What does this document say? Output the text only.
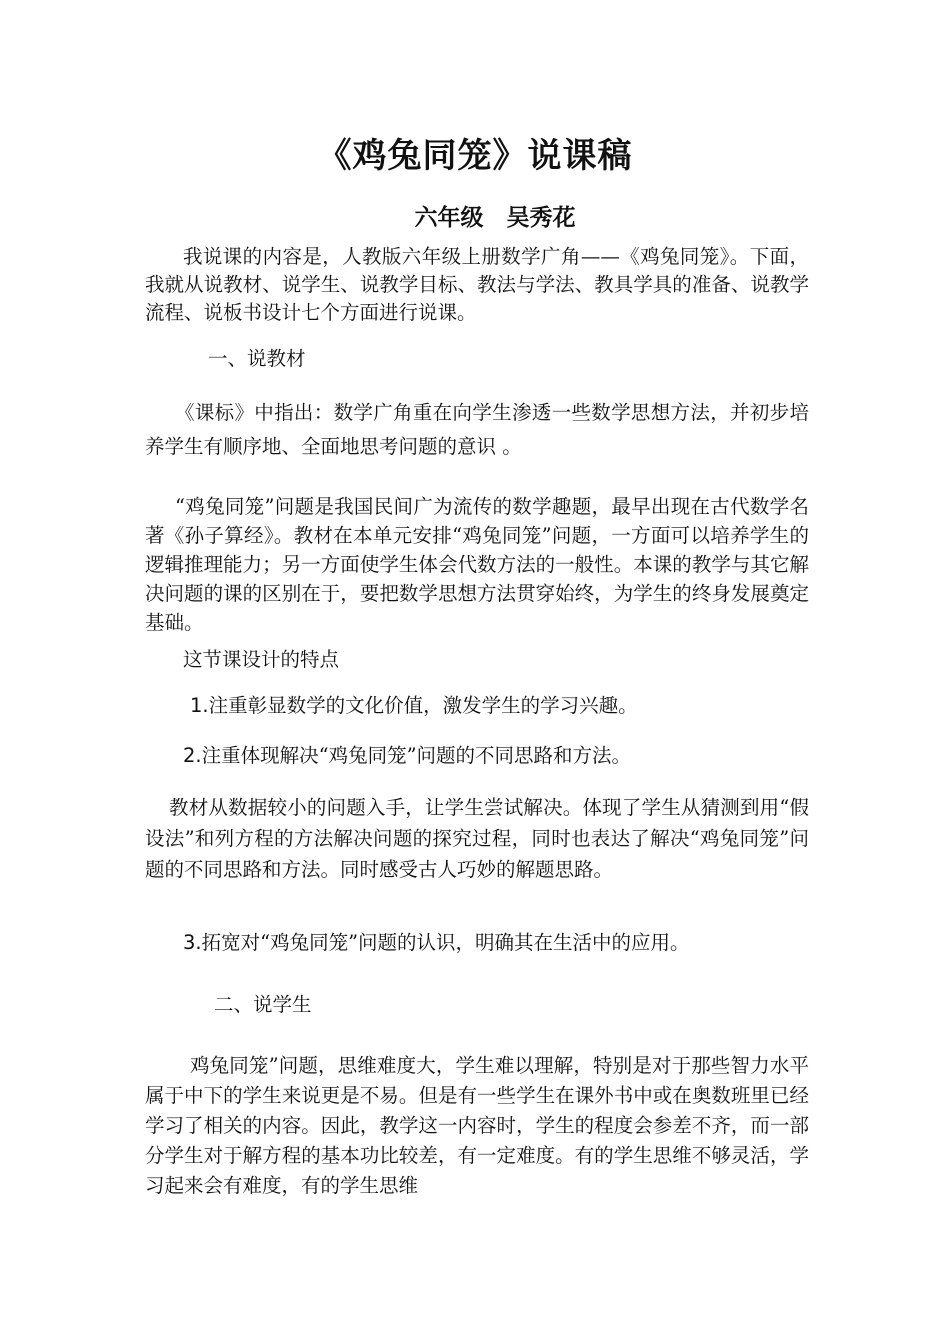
《鸡兔同笼》说课稿
六年级　吴秀花

我说课的内容是，人教版六年级上册数学广角——《鸡兔同笼》。下面，我就从说教材、说学生、说教学目标、教法与学法、教具学具的准备、说教学流程、说板书设计七个方面进行说课。

一、说教材

《课标》中指出：数学广角重在向学生渗透一些数学思想方法，并初步培养学生有顺序地、全面地思考问题的意识 。

“鸡兔同笼”问题是我国民间广为流传的数学趣题，最早出现在古代数学名著《孙子算经》。教材在本单元安排“鸡兔同笼”问题，一方面可以培养学生的逻辑推理能力；另一方面使学生体会代数方法的一般性。本课的教学与其它解决问题的课的区别在于，要把数学思想方法贯穿始终，为学生的终身发展奠定基础。

这节课设计的特点

1.注重彰显数学的文化价值，激发学生的学习兴趣。

2.注重体现解决“鸡兔同笼”问题的不同思路和方法。

教材从数据较小的问题入手，让学生尝试解决。体现了学生从猜测到用“假设法”和列方程的方法解决问题的探究过程，同时也表达了解决“鸡兔同笼”问题的不同思路和方法。同时感受古人巧妙的解题思路。

3.拓宽对“鸡兔同笼”问题的认识，明确其在生活中的应用。

二、说学生

鸡兔同笼”问题，思维难度大，学生难以理解，特别是对于那些智力水平属于中下的学生来说更是不易。但是有一些学生在课外书中或在奥数班里已经学习了相关的内容。因此，教学这一内容时，学生的程度会参差不齐，而一部分学生对于解方程的基本功比较差，有一定难度。有的学生思维不够灵活，学习起来会有难度，有的学生思维
